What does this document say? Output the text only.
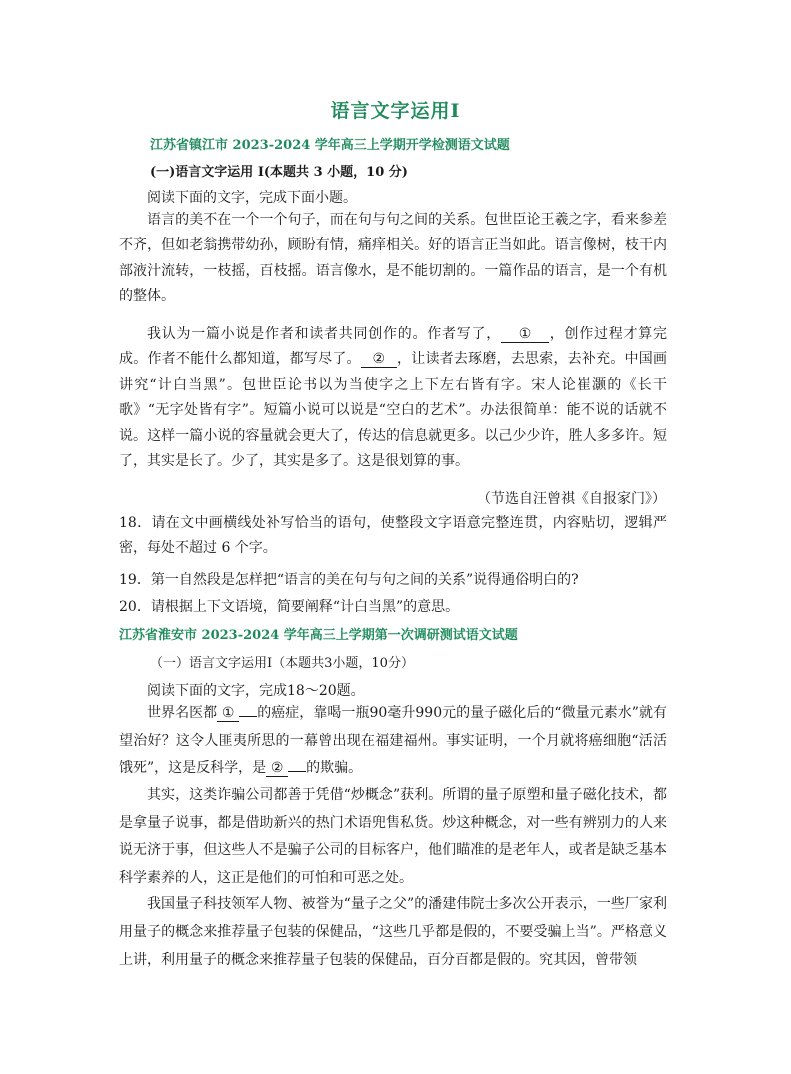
语言文字运用Ⅰ
江苏省镇江市 2023-2024 学年高三上学期开学检测语文试题
(一)语言文字运用 I(本题共 3 小题，10 分)
阅读下面的文字，完成下面小题。

语言的美不在一个一个句子，而在句与句之间的关系。包世臣论王羲之字，看来参差不齐，但如老翁携带幼孙，顾盼有情，痛痒相关。好的语言正当如此。语言像树，枝干内部液汁流转，一枝摇，百枝摇。语言像水，是不能切割的。一篇作品的语言，是一个有机的整体。

我认为一篇小说是作者和读者共同创作的。作者写了， ① ，创作过程才算完成。作者不能什么都知道，都写尽了。 ② ，让读者去琢磨，去思索，去补充。中国画讲究“计白当黑”。包世臣论书以为当使字之上下左右皆有字。宋人论崔灏的《长干歌》“无字处皆有字”。短篇小说可以说是“空白的艺术”。办法很简单：能不说的话就不说。这样一篇小说的容量就会更大了，传达的信息就更多。以己少少许，胜人多多许。短了，其实是长了。少了，其实是多了。这是很划算的事。

（节选自汪曾祺《自报家门》）

18．请在文中画横线处补写恰当的语句，使整段文字语意完整连贯，内容贴切，逻辑严密，每处不超过 6 个字。

19．第一自然段是怎样把“语言的美在句与句之间的关系”说得通俗明白的?
20．请根据上下文语境，简要阐释“计白当黑”的意思。
江苏省淮安市 2023-2024 学年高三上学期第一次调研测试语文试题
（一）语言文字运用Ⅰ（本题共3小题，10分）
阅读下面的文字，完成18～20题。

世界名医都 ① 的癌症，靠喝一瓶90毫升990元的量子磁化后的“微量元素水”就有望治好？这令人匪夷所思的一幕曾出现在福建福州。事实证明，一个月就将癌细胞“活活饿死”，这是反科学，是 ② 的欺骗。

其实，这类诈骗公司都善于凭借“炒概念”获利。所谓的量子原塑和量子磁化技术，都是拿量子说事，都是借助新兴的热门术语兜售私货。炒这种概念，对一些有辨别力的人来说无济于事，但这些人不是骗子公司的目标客户，他们瞄准的是老年人，或者是缺乏基本科学素养的人，这正是他们的可怕和可恶之处。

我国量子科技领军人物、被誉为“量子之父”的潘建伟院士多次公开表示，一些厂家利用量子的概念来推荐量子包装的保健品，“这些几乎都是假的，不要受骗上当”。严格意义上讲，利用量子的概念来推荐量子包装的保健品，百分百都是假的。究其因，曾带领
